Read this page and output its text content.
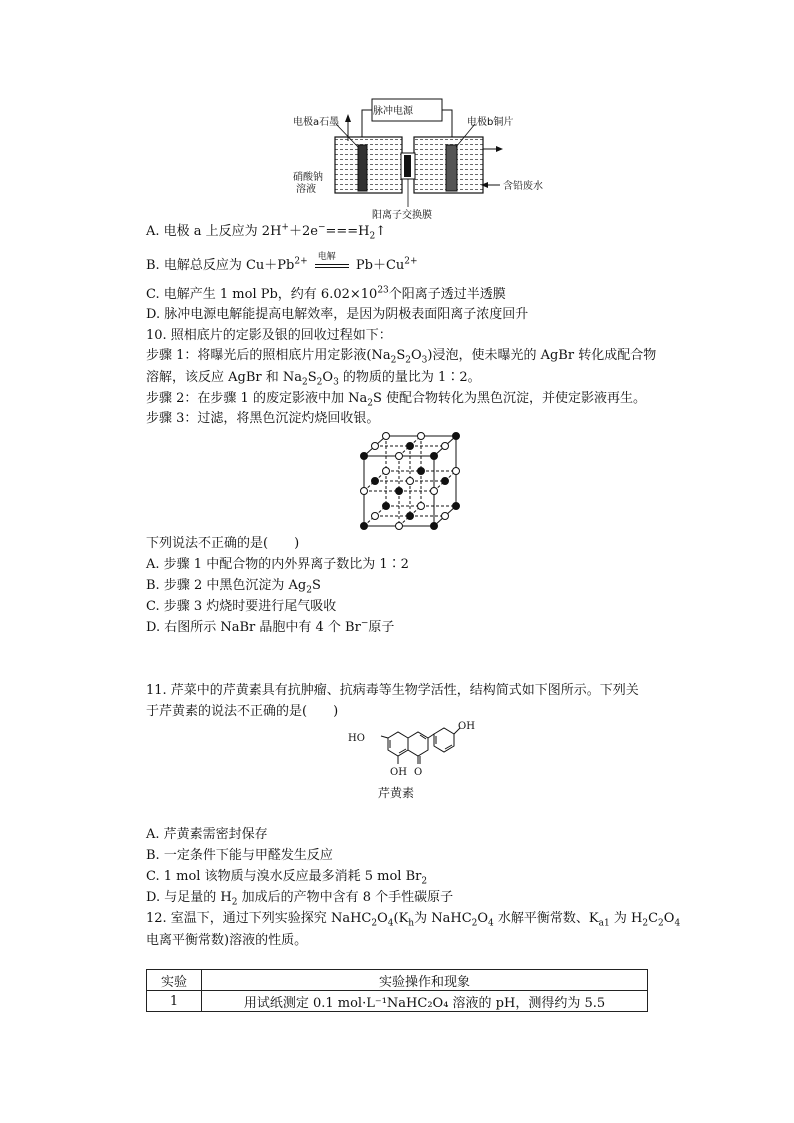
脉冲电源
电极a石墨	电极b铜片
硝酸钠
溶液	含铅废水
阳离子交换膜
A. 电极 a 上反应为 $2H^++2e^-===H_2↑$
B. 电解总反应为 $Cu+Pb^{2+}$ 电解
$Pb+Cu^{2+}$
C. 电解产生 1 mol Pb，约有 $6.02\times 10^{23}$个阳离子透过半透膜
D. 脉冲电源电解能提高电解效率，是因为阴极表面阳离子浓度回升
10. 照相底片的定影及银的回收过程如下：
步骤 1：将曝光后的照相底片用定影液$(Na_2S_2O_3)$浸泡，使未曝光的 AgBr 转化成配合物
溶解，该反应 AgBr 和 $Na_2S_2O_3$ 的物质的量比为 1∶2。
步骤 2：在步骤 1 的废定影液中加 $Na_2S$ 使配合物转化为黑色沉淀，并使定影液再生。
步骤 3：过滤，将黑色沉淀灼烧回收银。
下列说法不正确的是(　　)
A. 步骤 1 中配合物的内外界离子数比为 1∶2
B. 步骤 2 中黑色沉淀为 $Ag_2S$
C. 步骤 3 灼烧时要进行尾气吸收
D. 右图所示 NaBr 晶胞中有 4 个 Br−原子
11. 芹菜中的芹黄素具有抗肿瘤、抗病毒等生物学活性，结构简式如下图所示。下列关
于芹黄素的说法不正确的是(　　)
HO
OH
OH O
芹黄素
A. 芹黄素需密封保存
B. 一定条件下能与甲醛发生反应
C. 1 mol 该物质与溴水反应最多消耗 5 mol $Br_2$
D. 与足量的 $H_2$ 加成后的产物中含有 8 个手性碳原子
12. 室温下，通过下列实验探究 $NaHC_2O_4(K_h$为 $NaHC_2O_4$ 水解平衡常数、$K_{a1}$ 为 $H_2C_2O_4$
电离平衡常数)溶液的性质。
实验	实验操作和现象
1	用试纸测定 0.1 mol·L⁻¹NaHC₂O₄ 溶液的 pH，测得约为 5.5
